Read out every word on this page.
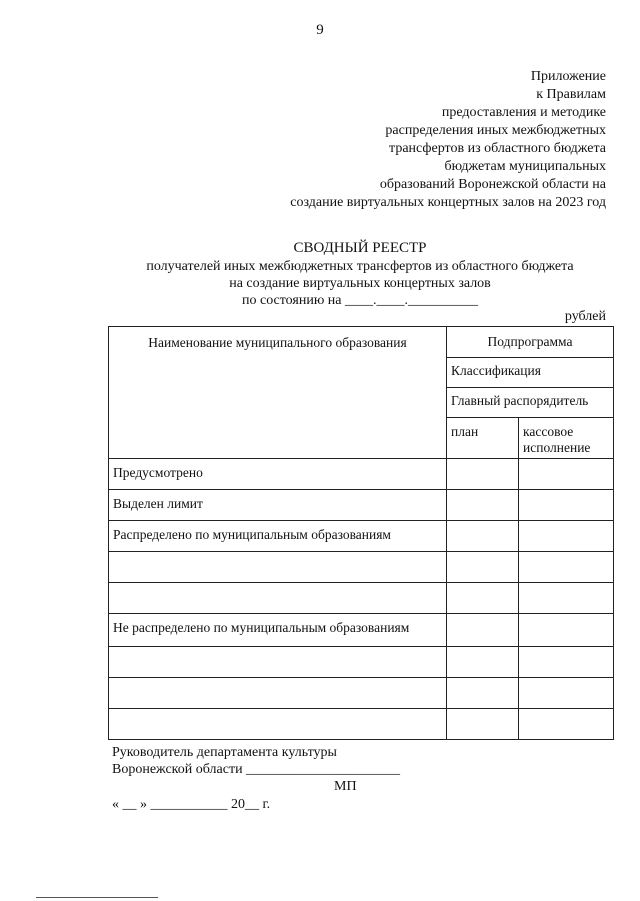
9
Приложение
к Правилам
предоставления и методике
распределения иных межбюджетных
трансфертов из областного бюджета
бюджетам муниципальных
образований Воронежской области на
создание виртуальных концертных залов на 2023 год
СВОДНЫЙ РЕЕСТР
получателей иных межбюджетных трансфертов из областного бюджета
на создание виртуальных концертных залов
по состоянию на ____.____.__________
рублей
Наименование муниципального образования	Подпрограмма	
	Классификация	
	Главный распорядитель	
	план	кассовое исполнение
Предусмотрено		
Выделен лимит		
Распределено по муниципальным образованиям		

Не распределено по муниципальным образованиям		

Руководитель департамента культуры
Воронежской области ______________________
МП
« __ » ___________ 20__ г.
